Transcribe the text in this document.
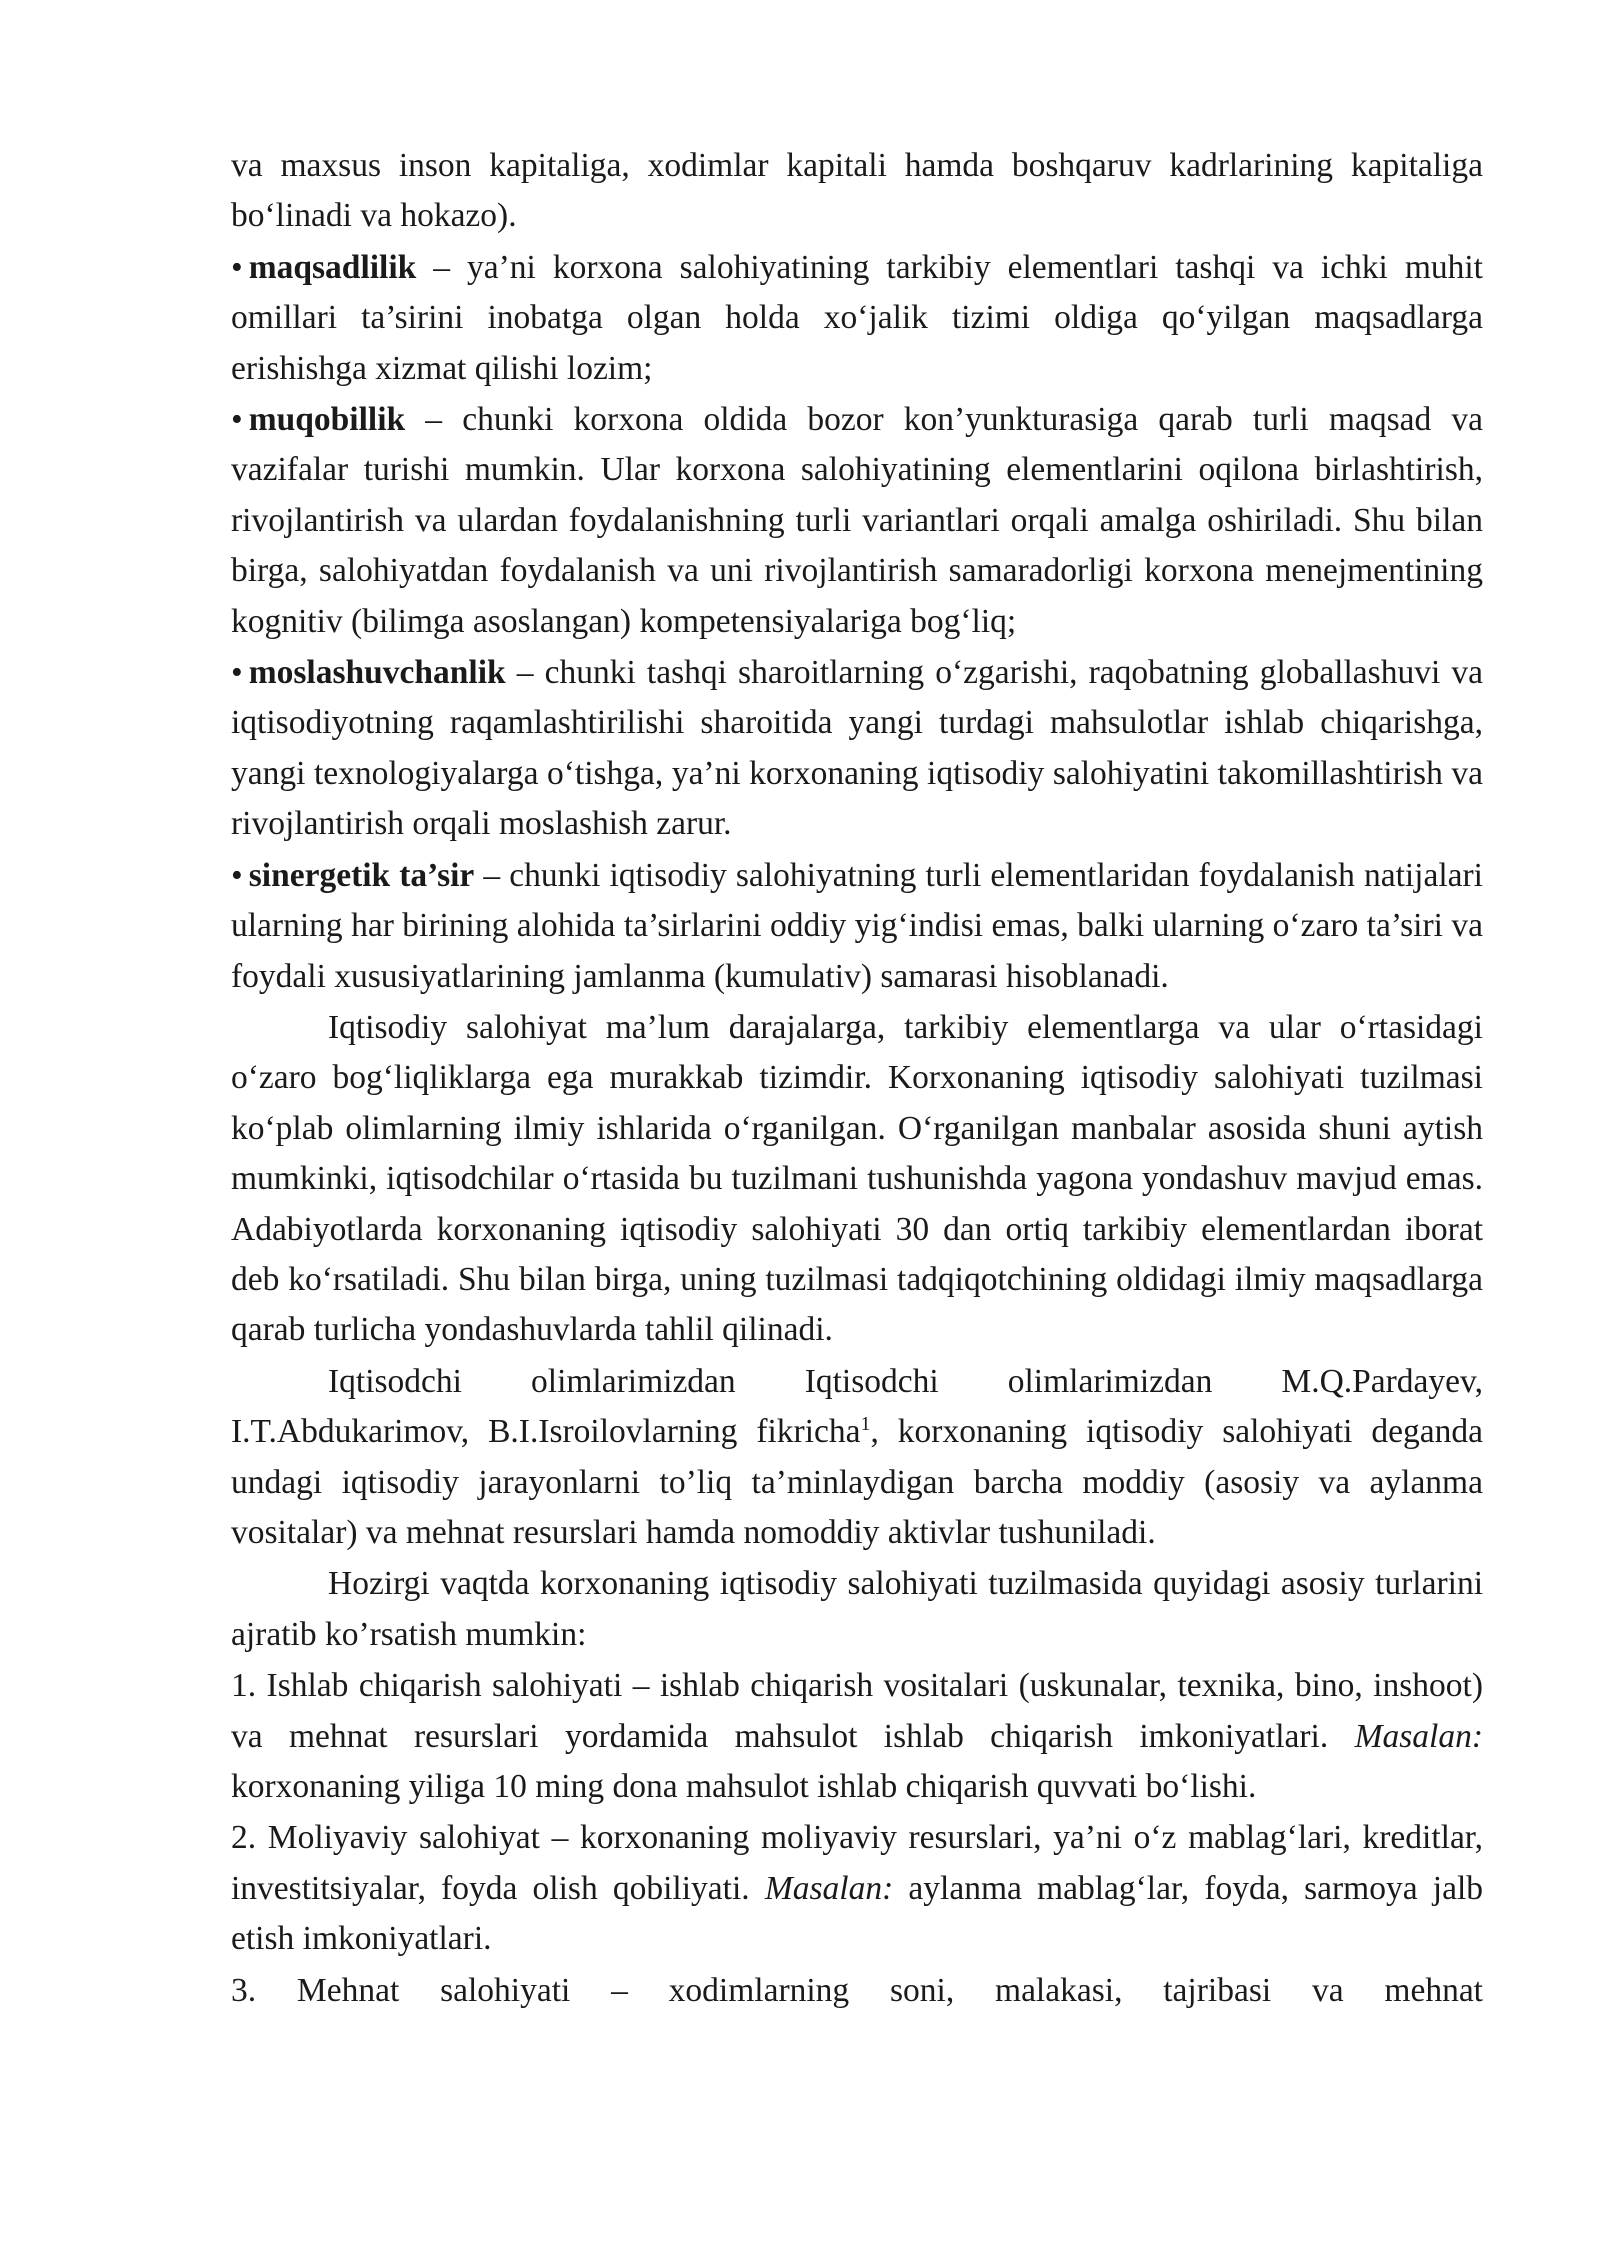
va maxsus inson kapitaliga, xodimlar kapitali hamda boshqaruv kadrlarining kapitaliga bo‘linadi va hokazo).

• maqsadlilik – ya’ni korxona salohiyatining tarkibiy elementlari tashqi va ichki muhit omillari ta’sirini inobatga olgan holda xo‘jalik tizimi oldiga qo‘yilgan maqsadlarga erishishga xizmat qilishi lozim;

• muqobillik – chunki korxona oldida bozor kon’yunkturasiga qarab turli maqsad va vazifalar turishi mumkin. Ular korxona salohiyatining elementlarini oqilona birlashtirish, rivojlantirish va ulardan foydalanishning turli variantlari orqali amalga oshiriladi. Shu bilan birga, salohiyatdan foydalanish va uni rivojlantirish samaradorligi korxona menejmentining kognitiv (bilimga asoslangan) kompetensiyalariga bog‘liq;

• moslashuvchanlik – chunki tashqi sharoitlarning o‘zgarishi, raqobatning globallashuvi va iqtisodiyotning raqamlashtirilishi sharoitida yangi turdagi mahsulotlar ishlab chiqarishga, yangi texnologiyalarga o‘tishga, ya’ni korxonaning iqtisodiy salohiyatini takomillashtirish va rivojlantirish orqali moslashish zarur.

• sinergetik ta’sir – chunki iqtisodiy salohiyatning turli elementlaridan foydalanish natijalari ularning har birining alohida ta’sirlarini oddiy yig‘indisi emas, balki ularning o‘zaro ta’siri va foydali xususiyatlarining jamlanma (kumulativ) samarasi hisoblanadi.

Iqtisodiy salohiyat ma’lum darajalarga, tarkibiy elementlarga va ular o‘rtasidagi o‘zaro bog‘liqliklarga ega murakkab tizimdir. Korxonaning iqtisodiy salohiyati tuzilmasi ko‘plab olimlarning ilmiy ishlarida o‘rganilgan. O‘rganilgan manbalar asosida shuni aytish mumkinki, iqtisodchilar o‘rtasida bu tuzilmani tushunishda yagona yondashuv mavjud emas. Adabiyotlarda korxonaning iqtisodiy salohiyati 30 dan ortiq tarkibiy elementlardan iborat deb ko‘rsatiladi. Shu bilan birga, uning tuzilmasi tadqiqotchining oldidagi ilmiy maqsadlarga qarab turlicha yondashuvlarda tahlil qilinadi.

Iqtisodchi olimlarimizdan Iqtisodchi olimlarimizdan M.Q.Pardayev, I.T.Abdukarimov, B.I.Isroilovlarning fikricha$^1$, korxonaning iqtisodiy salohiyati deganda undagi iqtisodiy jarayonlarni to’liq ta’minlaydigan barcha moddiy (asosiy va aylanma vositalar) va mehnat resurslari hamda nomoddiy aktivlar tushuniladi.

Hozirgi vaqtda korxonaning iqtisodiy salohiyati tuzilmasida quyidagi asosiy turlarini ajratib ko’rsatish mumkin:

1. Ishlab chiqarish salohiyati – ishlab chiqarish vositalari (uskunalar, texnika, bino, inshoot) va mehnat resurslari yordamida mahsulot ishlab chiqarish imkoniyatlari. Masalan: korxonaning yiliga 10 ming dona mahsulot ishlab chiqarish quvvati bo‘lishi.

2. Moliyaviy salohiyat – korxonaning moliyaviy resurslari, ya’ni o‘z mablag‘lari, kreditlar, investitsiyalar, foyda olish qobiliyati. Masalan: aylanma mablag‘lar, foyda, sarmoya jalb etish imkoniyatlari.

3. Mehnat salohiyati – xodimlarning soni, malakasi, tajribasi va mehnat
